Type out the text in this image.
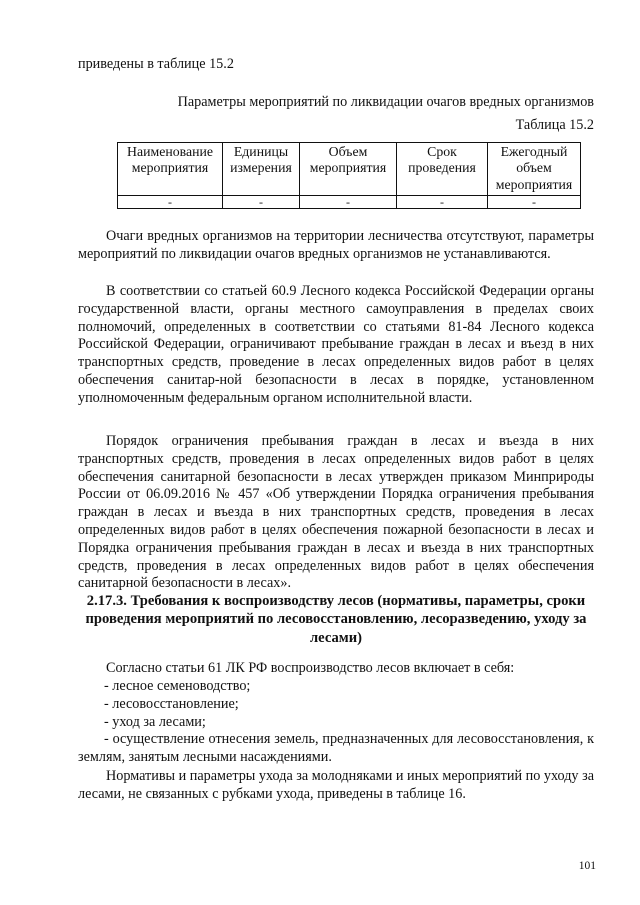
приведены в таблице 15.2
Параметры мероприятий по ликвидации очагов вредных организмов
Таблица 15.2
Наименование мероприятия	Единицы измерения	Объем мероприятия	Срок проведения	Ежегодный объем мероприятия
-	-	-	-	-

Очаги вредных организмов на территории лесничества отсутствуют, параметры мероприятий по ликвидации очагов вредных организмов не устанавливаются.

В соответствии со статьей 60.9 Лесного кодекса Российской Федерации органы государственной власти, органы местного самоуправления в пределах своих полномочий, определенных в соответствии со статьями 81-84 Лесного кодекса Российской Федерации, ограничивают пребывание граждан в лесах и въезд в них транспортных средств, проведение в лесах определенных видов работ в целях обеспечения санитар-ной безопасности в лесах в порядке, установленном уполномоченным федеральным органом исполнительной власти.

Порядок ограничения пребывания граждан в лесах и въезда в них транспортных средств, проведения в лесах определенных видов работ в целях обеспечения санитарной безопасности в лесах утвержден приказом Минприроды России от 06.09.2016 № 457 «Об утверждении Порядка ограничения пребывания граждан в лесах и въезда в них транспортных средств, проведения в лесах определенных видов работ в целях обеспечения пожарной безопасности в лесах и Порядка ограничения пребывания граждан в лесах и въезда в них транспортных средств, проведения в лесах определенных видов работ в целях обеспечения санитарной безопасности в лесах».

2.17.3. Требования к воспроизводству лесов (нормативы, параметры, сроки проведения мероприятий по лесовосстановлению, лесоразведению, уходу за лесами)

Согласно статьи 61 ЛК РФ воспроизводство лесов включает в себя:

- лесное семеноводство;
- лесовосстановление;
- уход за лесами;
- осуществление отнесения земель, предназначенных для лесовосстановления, к землям, занятым лесными насаждениями.

Нормативы и параметры ухода за молодняками и иных мероприятий по уходу за лесами, не связанных с рубками ухода, приведены в таблице 16.

101
